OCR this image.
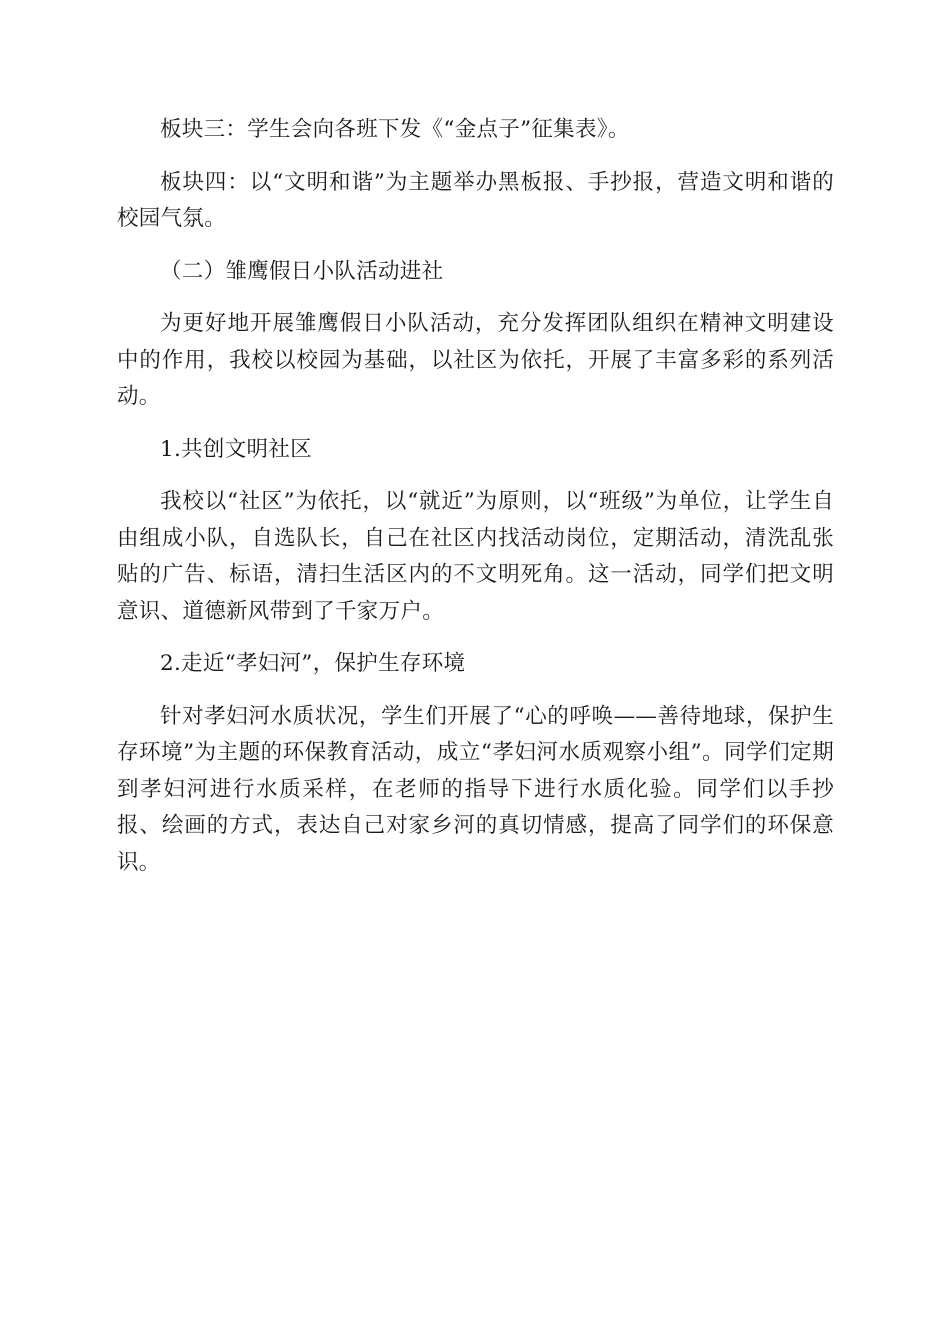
板块三：学生会向各班下发《“金点子”征集表》。

板块四：以“文明和谐”为主题举办黑板报、手抄报，营造文明和谐的校园气氛。

（二）雏鹰假日小队活动进社

为更好地开展雏鹰假日小队活动，充分发挥团队组织在精神文明建设中的作用，我校以校园为基础，以社区为依托，开展了丰富多彩的系列活动。

1.共创文明社区

我校以“社区”为依托，以“就近”为原则，以“班级”为单位，让学生自由组成小队，自选队长，自己在社区内找活动岗位，定期活动，清洗乱张贴的广告、标语，清扫生活区内的不文明死角。这一活动，同学们把文明意识、道德新风带到了千家万户。

2.走近“孝妇河”，保护生存环境

针对孝妇河水质状况，学生们开展了“心的呼唤——善待地球，保护生存环境”为主题的环保教育活动，成立“孝妇河水质观察小组”。同学们定期到孝妇河进行水质采样，在老师的指导下进行水质化验。同学们以手抄报、绘画的方式，表达自己对家乡河的真切情感，提高了同学们的环保意识。
